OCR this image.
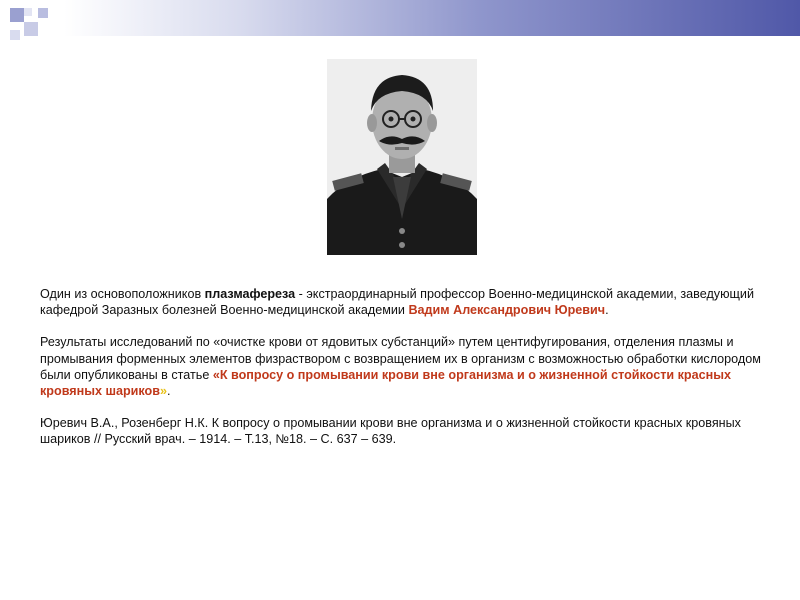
Один из основоположников плазмафереза - экстраординарный профессор Военно-медицинской академии, заведующий кафедрой Заразных болезней Военно-медицинской академии Вадим Александрович Юревич.

Результаты исследований по «очистке крови от ядовитых субстанций» путем центифугирования, отделения плазмы и промывания форменных элементов физраствором с возвращением их в организм с возможностью обработки кислородом были опубликованы в статье «К вопросу о промывании крови вне организма и о жизненной стойкости красных кровяных шариков».

Юревич В.А., Розенберг Н.К. К вопросу о промывании крови вне организма и о жизненной стойкости красных кровяных шариков // Русский врач. – 1914. – Т.13, №18. – С. 637 – 639.
